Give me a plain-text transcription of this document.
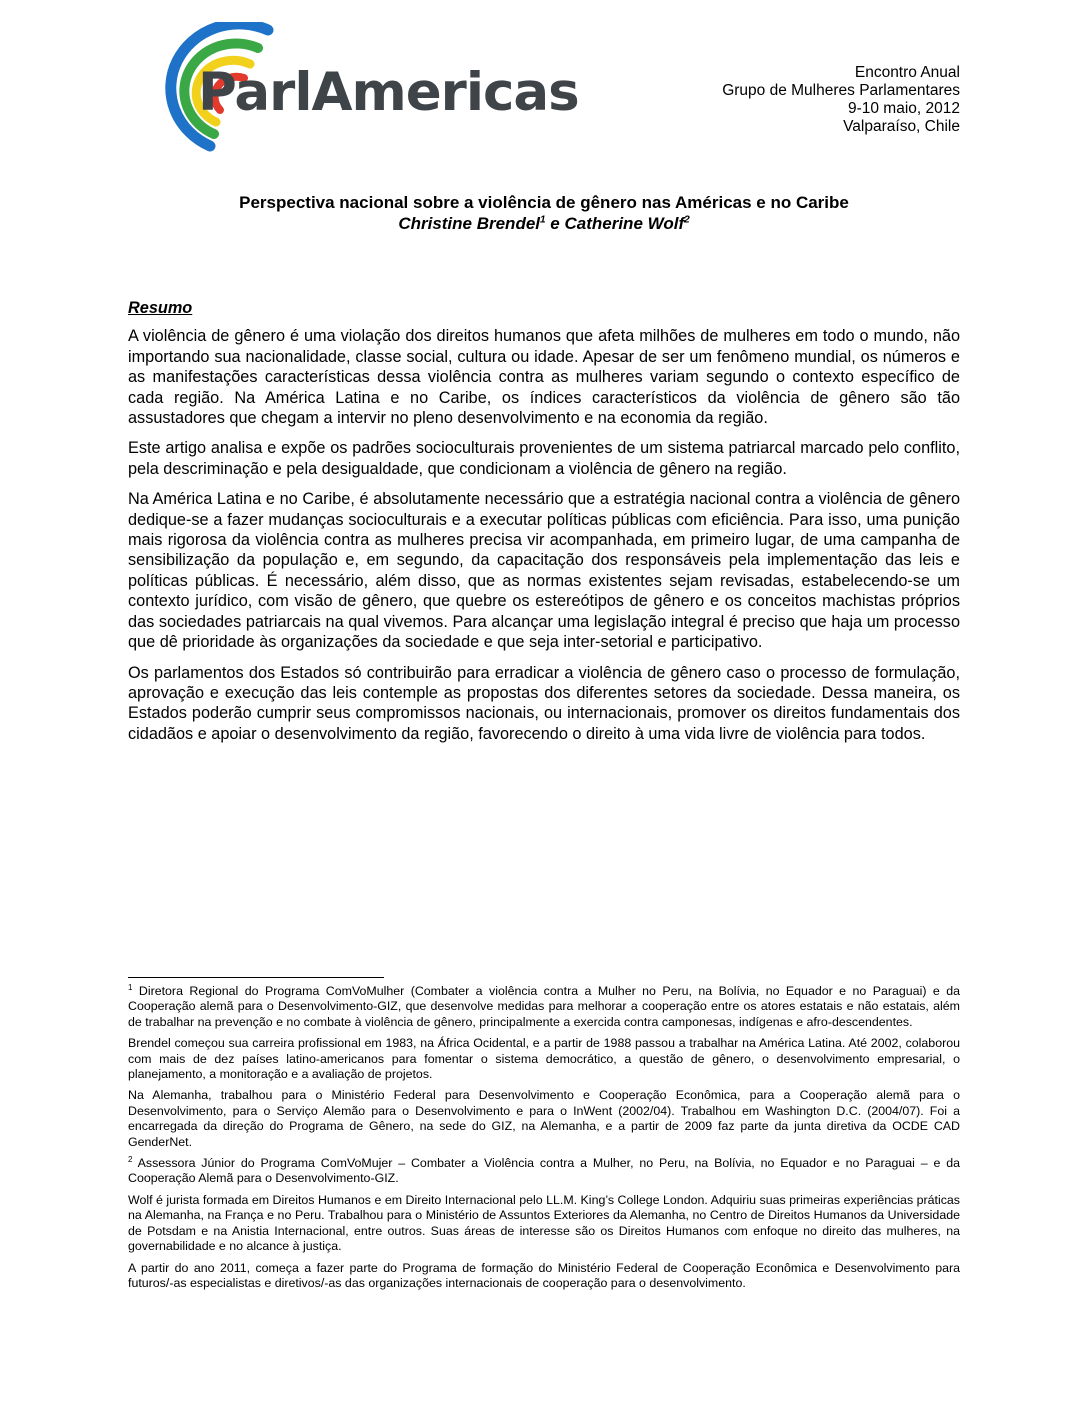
ParlAmericas	Encontro Anual
Grupo de Mulheres Parlamentares
9-10 maio, 2012
Valparaíso, Chile
Perspectiva nacional sobre a violência de gênero nas Américas e no Caribe
Christine Brendel$^1$ e Catherine Wolf$^2$
Resumo

A violência de gênero é uma violação dos direitos humanos que afeta milhões de mulheres em todo o mundo, não importando sua nacionalidade, classe social, cultura ou idade. Apesar de ser um fenômeno mundial, os números e as manifestações características dessa violência contra as mulheres variam segundo o contexto específico de cada região. Na América Latina e no Caribe, os índices característicos da violência de gênero são tão assustadores que chegam a intervir no pleno desenvolvimento e na economia da região.

Este artigo analisa e expõe os padrões socioculturais provenientes de um sistema patriarcal marcado pelo conflito, pela descriminação e pela desigualdade, que condicionam a violência de gênero na região.

Na América Latina e no Caribe, é absolutamente necessário que a estratégia nacional contra a violência de gênero dedique-se a fazer mudanças socioculturais e a executar políticas públicas com eficiência. Para isso, uma punição mais rigorosa da violência contra as mulheres precisa vir acompanhada, em primeiro lugar, de uma campanha de sensibilização da população e, em segundo, da capacitação dos responsáveis pela implementação das leis e políticas públicas. É necessário, além disso, que as normas existentes sejam revisadas, estabelecendo-se um contexto jurídico, com visão de gênero, que quebre os estereótipos de gênero e os conceitos machistas próprios das sociedades patriarcais na qual vivemos. Para alcançar uma legislação integral é preciso que haja um processo que dê prioridade às organizações da sociedade e que seja inter-setorial e participativo.

Os parlamentos dos Estados só contribuirão para erradicar a violência de gênero caso o processo de formulação, aprovação e execução das leis contemple as propostas dos diferentes setores da sociedade. Dessa maneira, os Estados poderão cumprir seus compromissos nacionais, ou internacionais, promover os direitos fundamentais dos cidadãos e apoiar o desenvolvimento da região, favorecendo o direito à uma vida livre de violência para todos.

$^1$ Diretora Regional do Programa ComVoMulher (Combater a violência contra a Mulher no Peru, na Bolívia, no Equador e no Paraguai) e da Cooperação alemã para o Desenvolvimento-GIZ, que desenvolve medidas para melhorar a cooperação entre os atores estatais e não estatais, além de trabalhar na prevenção e no combate à violência de gênero, principalmente a exercida contra camponesas, indígenas e afro-descendentes.

Brendel começou sua carreira profissional em 1983, na África Ocidental, e a partir de 1988 passou a trabalhar na América Latina. Até 2002, colaborou com mais de dez países latino-americanos para fomentar o sistema democrático, a questão de gênero, o desenvolvimento empresarial, o planejamento, a monitoração e a avaliação de projetos.

Na Alemanha, trabalhou para o Ministério Federal para Desenvolvimento e Cooperação Econômica, para a Cooperação alemã para o Desenvolvimento, para o Serviço Alemão para o Desenvolvimento e para o InWent (2002/04). Trabalhou em Washington D.C. (2004/07). Foi a encarregada da direção do Programa de Gênero, na sede do GIZ, na Alemanha, e a partir de 2009 faz parte da junta diretiva da OCDE CAD GenderNet.

$^2$ Assessora Júnior do Programa ComVoMujer – Combater a Violência contra a Mulher, no Peru, na Bolívia, no Equador e no Paraguai – e da Cooperação Alemã para o Desenvolvimento-GIZ.

Wolf é jurista formada em Direitos Humanos e em Direito Internacional pelo LL.M. King’s College London. Adquiriu suas primeiras experiências práticas na Alemanha, na França e no Peru. Trabalhou para o Ministério de Assuntos Exteriores da Alemanha, no Centro de Direitos Humanos da Universidade de Potsdam e na Anistia Internacional, entre outros. Suas áreas de interesse são os Direitos Humanos com enfoque no direito das mulheres, na governabilidade e no alcance à justiça.

A partir do ano 2011, começa a fazer parte do Programa de formação do Ministério Federal de Cooperação Econômica e Desenvolvimento para futuros/-as especialistas e diretivos/-as das organizações internacionais de cooperação para o desenvolvimento.
